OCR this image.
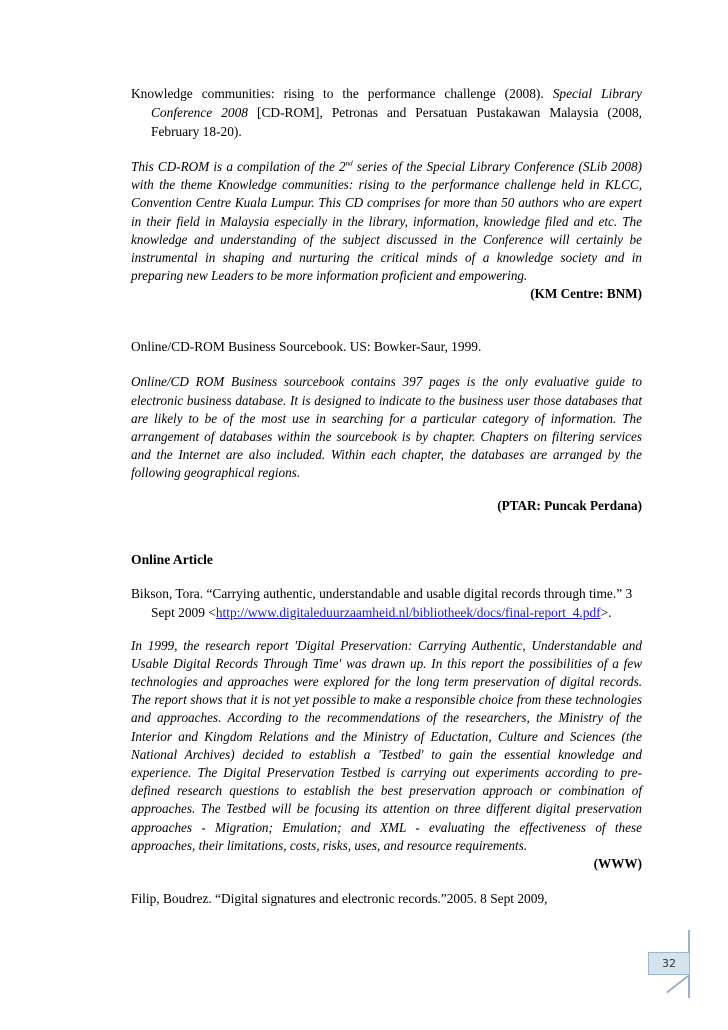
Knowledge communities: rising to the performance challenge (2008). Special Library Conference 2008 [CD-ROM], Petronas and Persatuan Pustakawan Malaysia (2008, February 18-20).

This CD-ROM is a compilation of the 2nd series of the Special Library Conference (SLib 2008) with the theme Knowledge communities: rising to the performance challenge held in KLCC, Convention Centre Kuala Lumpur. This CD comprises for more than 50 authors who are expert in their field in Malaysia especially in the library, information, knowledge filed and etc. The knowledge and understanding of the subject discussed in the Conference will certainly be instrumental in shaping and nurturing the critical minds of a knowledge society and in preparing new Leaders to be more information proficient and empowering.

(KM Centre: BNM)

Online/CD-ROM Business Sourcebook. US: Bowker-Saur, 1999.

Online/CD ROM Business sourcebook contains 397 pages is the only evaluative guide to electronic business database. It is designed to indicate to the business user those databases that are likely to be of the most use in searching for a particular category of information. The arrangement of databases within the sourcebook is by chapter. Chapters on filtering services and the Internet are also included. Within each chapter, the databases are arranged by the following geographical regions.

(PTAR: Puncak Perdana)

Online Article

Bikson, Tora. “Carrying authentic, understandable and usable digital records through time.” 3 Sept 2009 <http://www.digitaleduurzaamheid.nl/bibliotheek/docs/final-report_4.pdf>.

In 1999, the research report 'Digital Preservation: Carrying Authentic, Understandable and Usable Digital Records Through Time' was drawn up. In this report the possibilities of a few technologies and approaches were explored for the long term preservation of digital records. The report shows that it is not yet possible to make a responsible choice from these technologies and approaches. According to the recommendations of the researchers, the Ministry of the Interior and Kingdom Relations and the Ministry of Eductation, Culture and Sciences (the National Archives) decided to establish a 'Testbed' to gain the essential knowledge and experience. The Digital Preservation Testbed is carrying out experiments according to pre-defined research questions to establish the best preservation approach or combination of approaches. The Testbed will be focusing its attention on three different digital preservation approaches - Migration; Emulation; and XML - evaluating the effectiveness of these approaches, their limitations, costs, risks, uses, and resource requirements.

(WWW)

Filip, Boudrez. “Digital signatures and electronic records.”2005. 8 Sept 2009,

32
